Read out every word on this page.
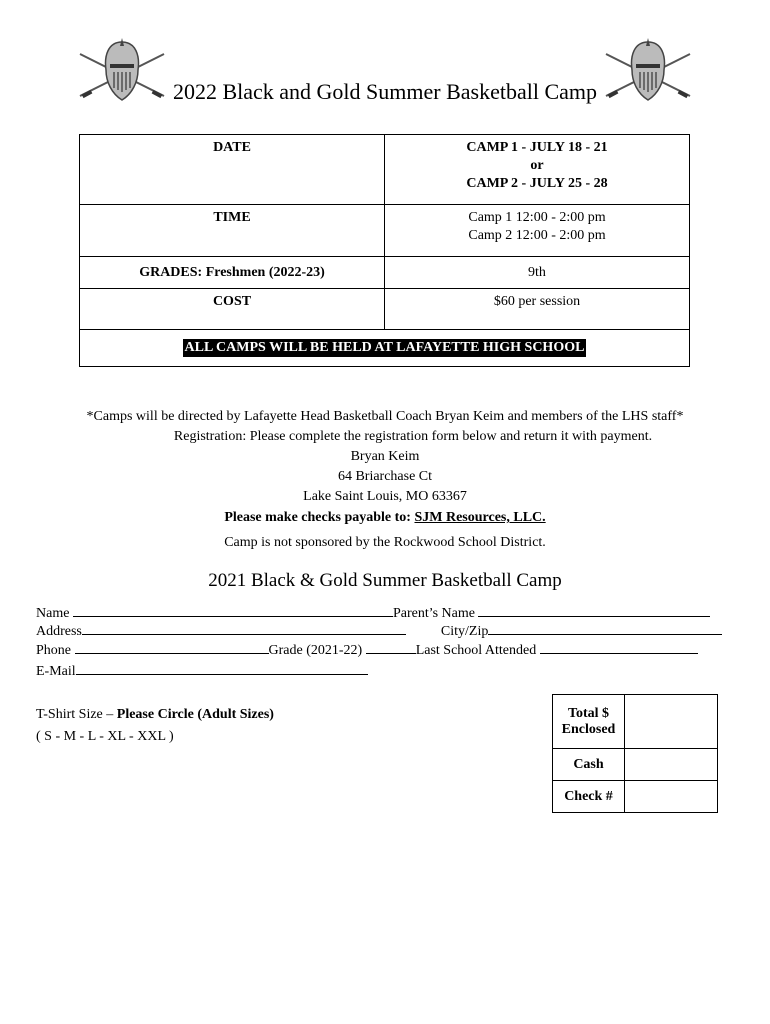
2022 Black and Gold Summer Basketball Camp
DATE	CAMP 1 - JULY 18 - 21
or
CAMP 2 - JULY 25 - 28

TIME	Camp 1 12:00 - 2:00 pm
Camp 2 12:00 - 2:00 pm

GRADES: Freshmen (2022-23)	9th
COST	$60 per session
ALL CAMPS WILL BE HELD AT LAFAYETTE HIGH SCHOOL	
*Camps will be directed by Lafayette Head Basketball Coach Bryan Keim and members of the LHS staff*
Registration: Please complete the registration form below and return it with payment.
Bryan Keim
64 Briarchase Ct
Lake Saint Louis, MO 63367
Please make checks payable to: SJM Resources, LLC.
Camp is not sponsored by the Rockwood School District.
2021 Black & Gold Summer Basketball Camp
Name	Parent’s Name
Address	City/Zip
Phone	Grade (2021-22)	Last School Attended
E-Mail
T-Shirt Size – Please Circle (Adult Sizes)
( S - M - L - XL - XXL )
Total $
Enclosed	

Cash	
Check #	
